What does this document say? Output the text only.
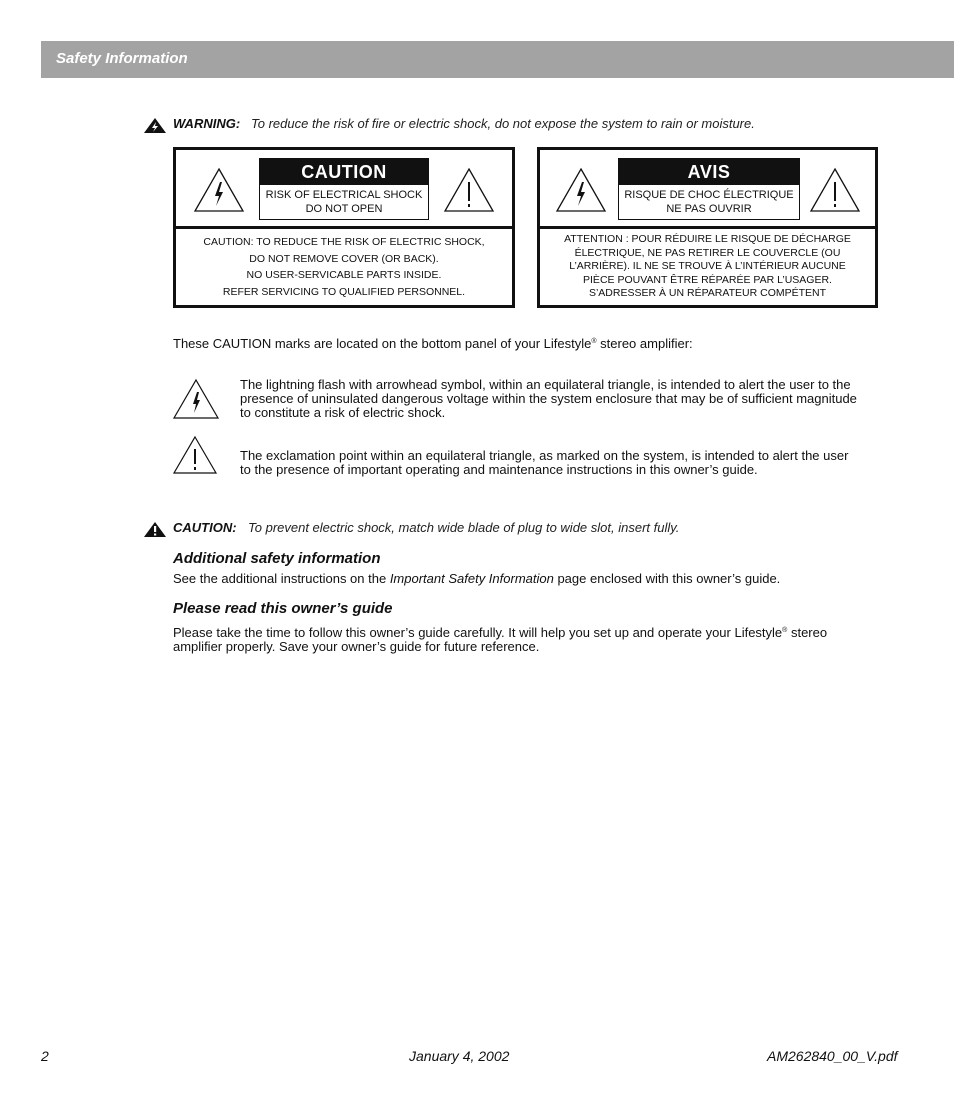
Safety Information
WARNING: To reduce the risk of fire or electric shock, do not expose the system to rain or moisture.
CAUTION
RISK OF ELECTRICAL SHOCK
DO NOT OPEN
CAUTION: TO REDUCE THE RISK OF ELECTRIC SHOCK,
DO NOT REMOVE COVER (OR BACK).
NO USER-SERVICABLE PARTS INSIDE.
REFER SERVICING TO QUALIFIED PERSONNEL.
AVIS
RISQUE DE CHOC ÉLECTRIQUE
NE PAS OUVRIR
ATTENTION : POUR RÉDUIRE LE RISQUE DE DÉCHARGE
ÉLECTRIQUE, NE PAS RETIRER LE COUVERCLE (OU
L’ARRIÈRE). IL NE SE TROUVE À L’INTÉRIEUR AUCUNE
PIÈCE POUVANT ÊTRE RÉPARÉE PAR L’USAGER.
S’ADRESSER À UN RÉPARATEUR COMPÉTENT
These CAUTION marks are located on the bottom panel of your Lifestyle® stereo amplifier:
The lightning flash with arrowhead symbol, within an equilateral triangle, is intended to alert the user to the
presence of uninsulated dangerous voltage within the system enclosure that may be of sufficient magnitude
to constitute a risk of electric shock.
The exclamation point within an equilateral triangle, as marked on the system, is intended to alert the user
to the presence of important operating and maintenance instructions in this owner’s guide.
CAUTION: To prevent electric shock, match wide blade of plug to wide slot, insert fully.
Additional safety information
See the additional instructions on the Important Safety Information page enclosed with this owner’s guide.
Please read this owner’s guide
Please take the time to follow this owner’s guide carefully. It will help you set up and operate your Lifestyle® stereo
amplifier properly. Save your owner’s guide for future reference.
2	January 4, 2002	AM262840_00_V.pdf
